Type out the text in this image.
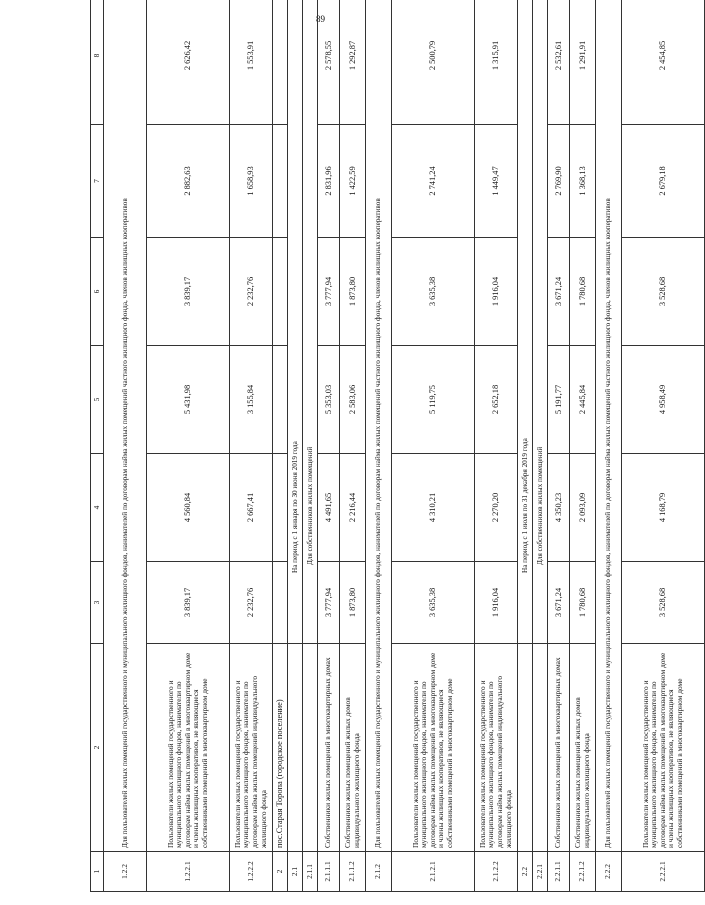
89
1	2	3	4	5	6	7	8
1.2.2	Для пользователей жилых помещений государственного и муниципального жилищного фондов, нанимателей по договорам найма жилых помещений частного жилищного фонда, членов жилищных кооперативов						
1.2.2.1	Пользователи жилых помещений государственного и муниципального жилищного фондов, наниматели по договорам найма жилых помещений в многоквартирном доме и члены жилищных кооперативов, не являющиеся собственниками помещений в многоквартирном доме	3 839,17	4 560,84	5 431,98	3 839,17	2 882,63	2 626,42
1.2.2.2	Пользователи жилых помещений государственного и муниципального жилищного фондов, наниматели по договорам найма жилых помещений индивидуального жилищного фонда	2 232,76	2 667,41	3 155,84	2 232,76	1 658,93	1 553,91
2	пос.Старая Торопа (городское поселение)						
2.1		На период с 1 января по 30 июня 2019 года					
2.1.1		Для собственников жилых помещений					
2.1.1.1	Собственники жилых помещений в многоквартирных домах	3 777,94	4 491,65	5 353,03	3 777,94	2 831,96	2 578,55
2.1.1.2	Собственники жилых помещений жилых домов индивидуального жилищного фонда	1 873,80	2 216,44	2 583,06	1 873,80	1 422,59	1 292,87
2.1.2	Для пользователей жилых помещений государственного и муниципального жилищного фондов, нанимателей по договорам найма жилых помещений частного жилищного фонда, членов жилищных кооперативов						
2.1.2.1	Пользователи жилых помещений государственного и муниципального жилищного фондов, наниматели по договорам найма жилых помещений в многоквартирном доме и члены жилищных кооперативов, не являющиеся собственниками помещений в многоквартирном доме	3 635,38	4 310,21	5 119,75	3 635,38	2 741,24	2 500,79
2.1.2.2	Пользователи жилых помещений государственного и муниципального жилищного фондов, наниматели по договорам найма жилых помещений индивидуального жилищного фонда	1 916,04	2 270,20	2 652,18	1 916,04	1 449,47	1 315,91
2.2		На период с 1 июля по 31 декабря 2019 года					
2.2.1		Для собственников жилых помещений					
2.2.1.1	Собственники жилых помещений в многоквартирных домах	3 671,24	4 350,23	5 191,77	3 671,24	2 769,90	2 532,61
2.2.1.2	Собственники жилых помещений жилых домов индивидуального жилищного фонда	1 780,68	2 093,09	2 445,84	1 780,68	1 368,13	1 291,91
2.2.2	Для пользователей жилых помещений государственного и муниципального жилищного фондов, нанимателей по договорам найма жилых помещений частного жилищного фонда, членов жилищных кооперативов						
2.2.2.1	Пользователи жилых помещений государственного и муниципального жилищного фондов, наниматели по договорам найма жилых помещений в многоквартирном доме и члены жилищных кооперативов, не являющиеся собственниками помещений в многоквартирном доме	3 528,68	4 168,79	4 958,49	3 528,68	2 679,18	2 454,85
